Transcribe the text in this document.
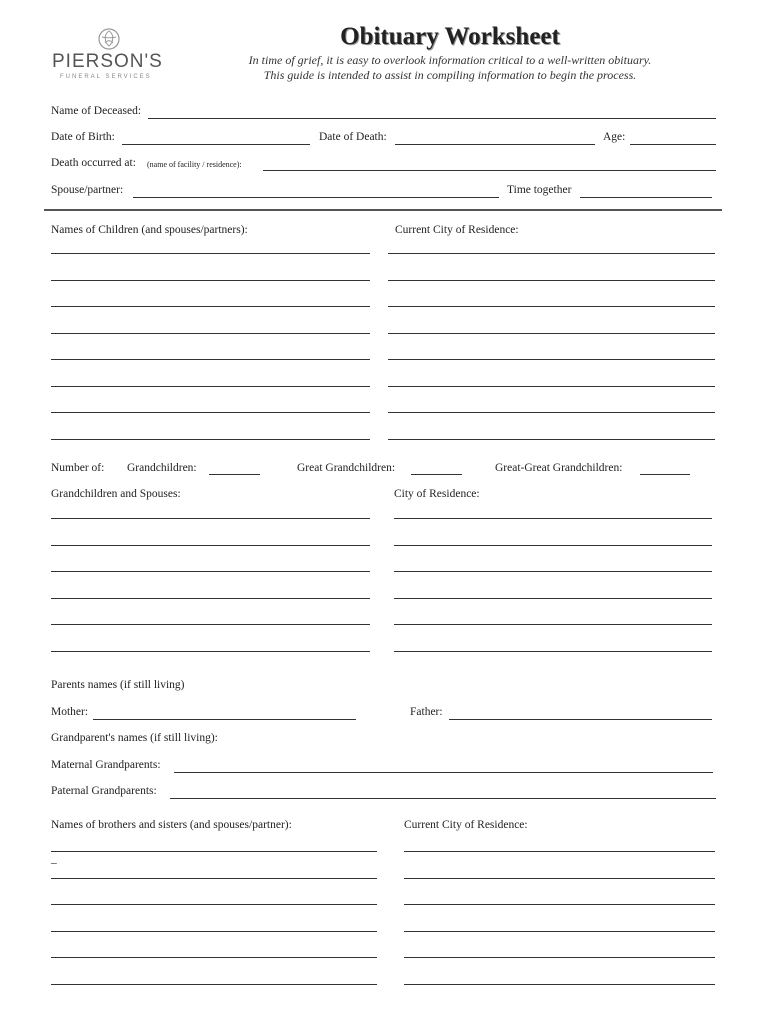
PIERSON'S
FUNERAL SERVICES
Obituary Worksheet
In time of grief, it is easy to overlook information critical to a well-written obituary.
This guide is intended to assist in compiling information to begin the process.
Name of Deceased:
Date of Birth:	Date of Death:	Age:
Death occurred at: (name of facility / residence):
Spouse/partner:	Time together
Names of Children (and spouses/partners):	Current City of Residence:
Number of: Grandchildren:	Great Grandchildren:	Great-Great Grandchildren:
Grandchildren and Spouses:	City of Residence:
Parents names (if still living)
Mother:	Father:
Grandparent's names (if still living):
Maternal Grandparents:
Paternal Grandparents:
Names of brothers and sisters (and spouses/partner):	Current City of Residence:
_
